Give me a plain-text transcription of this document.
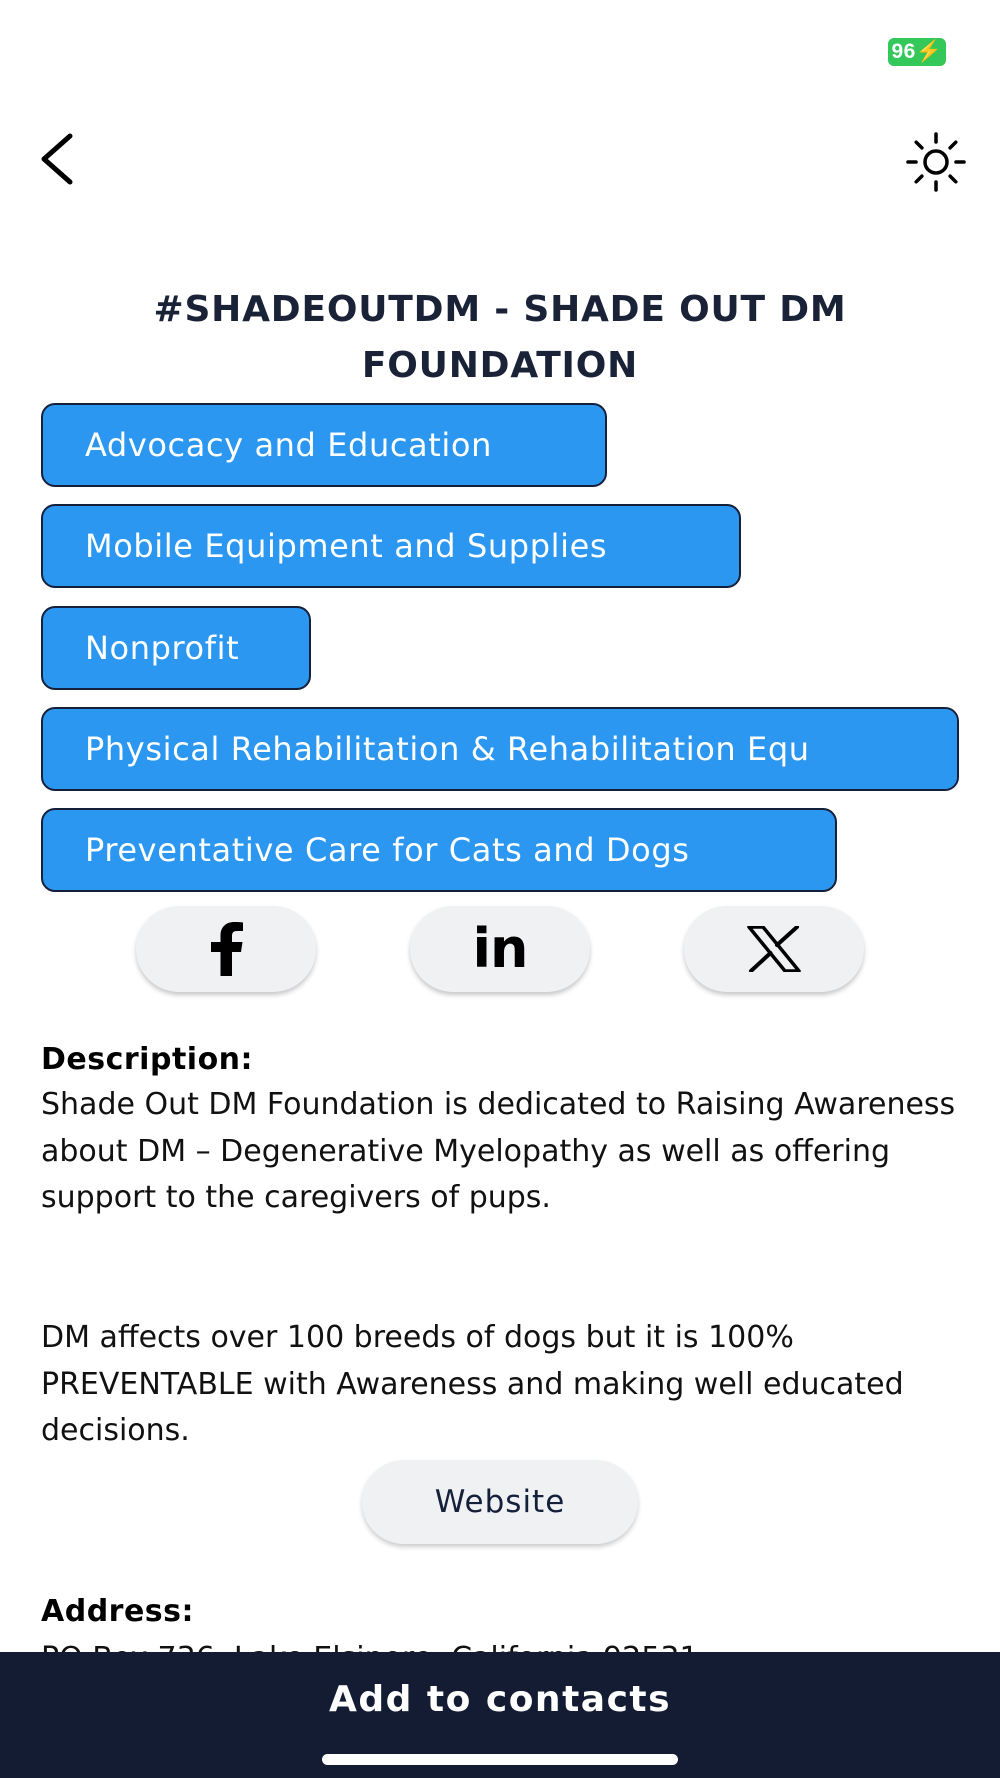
96⚡
#SHADEOUTDM - SHADE OUT DM FOUNDATION
Advocacy and Education
Mobile Equipment and Supplies
Nonprofit
Physical Rehabilitation & Rehabilitation Equ
Preventative Care for Cats and Dogs
in
Description:

Shade Out DM Foundation is dedicated to Raising Awareness about DM – Degenerative Myelopathy as well as offering support to the caregivers of pups.

DM affects over 100 breeds of dogs but it is 100% PREVENTABLE with Awareness and making well educated decisions.

Website
Address:
Add to contacts
